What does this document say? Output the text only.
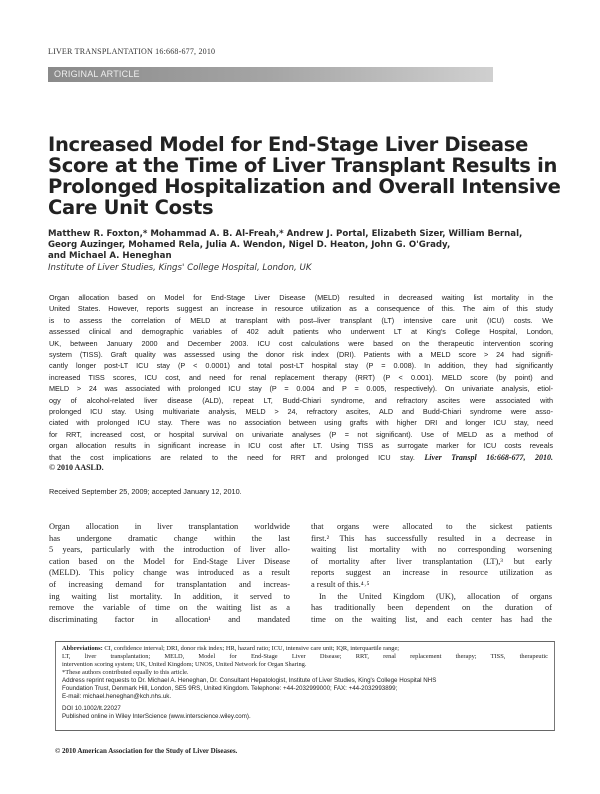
LIVER TRANSPLANTATION 16:668-677, 2010
ORIGINAL ARTICLE
Increased Model for End-Stage Liver Disease
Score at the Time of Liver Transplant Results in
Prolonged Hospitalization and Overall Intensive
Care Unit Costs
Matthew R. Foxton,* Mohammad A. B. Al-Freah,* Andrew J. Portal, Elizabeth Sizer, William Bernal,
Georg Auzinger, Mohamed Rela, Julia A. Wendon, Nigel D. Heaton, John G. O'Grady,
and Michael A. Heneghan
Institute of Liver Studies, Kings' College Hospital, London, UK
Organ allocation based on Model for End-Stage Liver Disease (MELD) resulted in decreased waiting list mortality in the
United States. However, reports suggest an increase in resource utilization as a consequence of this. The aim of this study
is to assess the correlation of MELD at transplant with post–liver transplant (LT) intensive care unit (ICU) costs. We
assessed clinical and demographic variables of 402 adult patients who underwent LT at King's College Hospital, London,
UK, between January 2000 and December 2003. ICU cost calculations were based on the therapeutic intervention scoring
system (TISS). Graft quality was assessed using the donor risk index (DRI). Patients with a MELD score > 24 had signifi-
cantly longer post-LT ICU stay (P < 0.0001) and total post-LT hospital stay (P = 0.008). In addition, they had significantly
increased TISS scores, ICU cost, and need for renal replacement therapy (RRT) (P < 0.001). MELD score (by point) and
MELD > 24 was associated with prolonged ICU stay (P = 0.004 and P = 0.005, respectively). On univariate analysis, etiol-
ogy of alcohol-related liver disease (ALD), repeat LT, Budd-Chiari syndrome, and refractory ascites were associated with
prolonged ICU stay. Using multivariate analysis, MELD > 24, refractory ascites, ALD and Budd-Chiari syndrome were asso-
ciated with prolonged ICU stay. There was no association between using grafts with higher DRI and longer ICU stay, need
for RRT, increased cost, or hospital survival on univariate analyses (P = not significant). Use of MELD as a method of
organ allocation results in significant increase in ICU cost after LT. Using TISS as surrogate marker for ICU costs reveals
that the cost implications are related to the need for RRT and prolonged ICU stay. Liver Transpl 16:668-677, 2010.
© 2010 AASLD.
Received September 25, 2009; accepted January 12, 2010.
Organ allocation in liver transplantation worldwide
has undergone dramatic change within the last
5 years, particularly with the introduction of liver allo-
cation based on the Model for End-Stage Liver Disease
(MELD). This policy change was introduced as a result
of increasing demand for transplantation and increas-
ing waiting list mortality. In addition, it served to
remove the variable of time on the waiting list as a
discriminating factor in allocation¹ and mandated
that organs were allocated to the sickest patients
first.² This has successfully resulted in a decrease in
waiting list mortality with no corresponding worsening
of mortality after liver transplantation (LT),³ but early
reports suggest an increase in resource utilization as
a result of this.⁴˒⁵
In the United Kingdom (UK), allocation of organs
has traditionally been dependent on the duration of
time on the waiting list, and each center has had the
Abbreviations: CI, confidence interval; DRI, donor risk index; HR, hazard ratio; ICU, intensive care unit; IQR, interquartile range;
LT, liver transplantation; MELD, Model for End-Stage Liver Disease; RRT, renal replacement therapy; TISS, therapeutic
intervention scoring system; UK, United Kingdom; UNOS, United Network for Organ Sharing.
*These authors contributed equally to this article.
Address reprint requests to Dr. Michael A. Heneghan, Dr. Consultant Hepatologist, Institute of Liver Studies, King's College Hospital NHS
Foundation Trust, Denmark Hill, London, SE5 9RS, United Kingdom. Telephone: +44-2032999000; FAX: +44-2032993899;
E-mail: michael.heneghan@kch.nhs.uk.
DOI 10.1002/lt.22027
Published online in Wiley InterScience (www.interscience.wiley.com).
© 2010 American Association for the Study of Liver Diseases.
